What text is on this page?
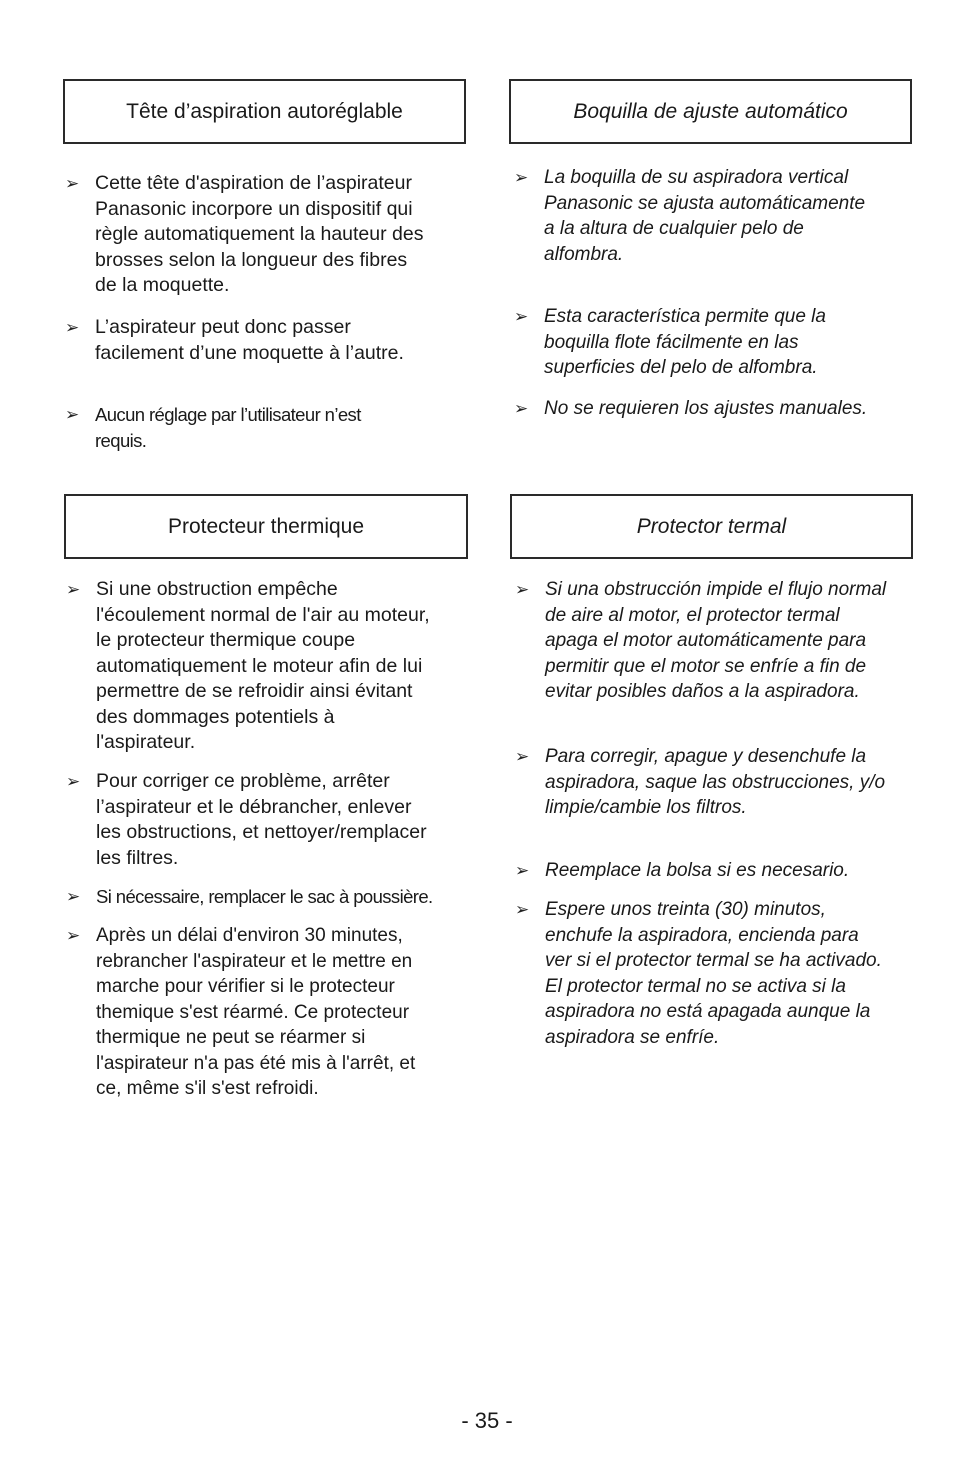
Tête d’aspiration autoréglable
➢ Cette tête d'aspiration de l’aspirateur
Panasonic incorpore un dispositif qui
règle automatiquement la hauteur des
brosses selon la longueur des fibres
de la moquette.
➢ L’aspirateur peut donc passer
facilement d’une moquette à l’autre.
➢ Aucun réglage par l’utilisateur n’est
requis.
Boquilla de ajuste automático
➢ La boquilla de su aspiradora vertical
Panasonic se ajusta automáticamente
a la altura de cualquier pelo de
alfombra.
➢ Esta característica permite que la
boquilla flote fácilmente en las
superficies del pelo de alfombra.
➢ No se requieren los ajustes manuales.
Protecteur thermique
➢ Si une obstruction empêche
l'écoulement normal de l'air au moteur,
le protecteur thermique coupe
automatiquement le moteur afin de lui
permettre de se refroidir ainsi évitant
des dommages potentiels à
l'aspirateur.
➢ Pour corriger ce problème, arrêter
l’aspirateur et le débrancher, enlever
les obstructions, et nettoyer/remplacer
les filtres.
➢ Si nécessaire, remplacer le sac à poussière.
➢ Après un délai d'environ 30 minutes,
rebrancher l'aspirateur et le mettre en
marche pour vérifier si le protecteur
themique s'est réarmé. Ce protecteur
thermique ne peut se réarmer si
l'aspirateur n'a pas été mis à l'arrêt, et
ce, même s'il s'est refroidi.
Protector termal
➢ Si una obstrucción impide el flujo normal
de aire al motor, el protector termal
apaga el motor automáticamente para
permitir que el motor se enfríe a fin de
evitar posibles daños a la aspiradora.
➢ Para corregir, apague y desenchufe la
aspiradora, saque las obstrucciones, y/o
limpie/cambie los filtros.
➢ Reemplace la bolsa si es necesario.
➢ Espere unos treinta (30) minutos,
enchufe la aspiradora, encienda para
ver si el protector termal se ha activado.
El protector termal no se activa si la
aspiradora no está apagada aunque la
aspiradora se enfríe.
- 35 -
